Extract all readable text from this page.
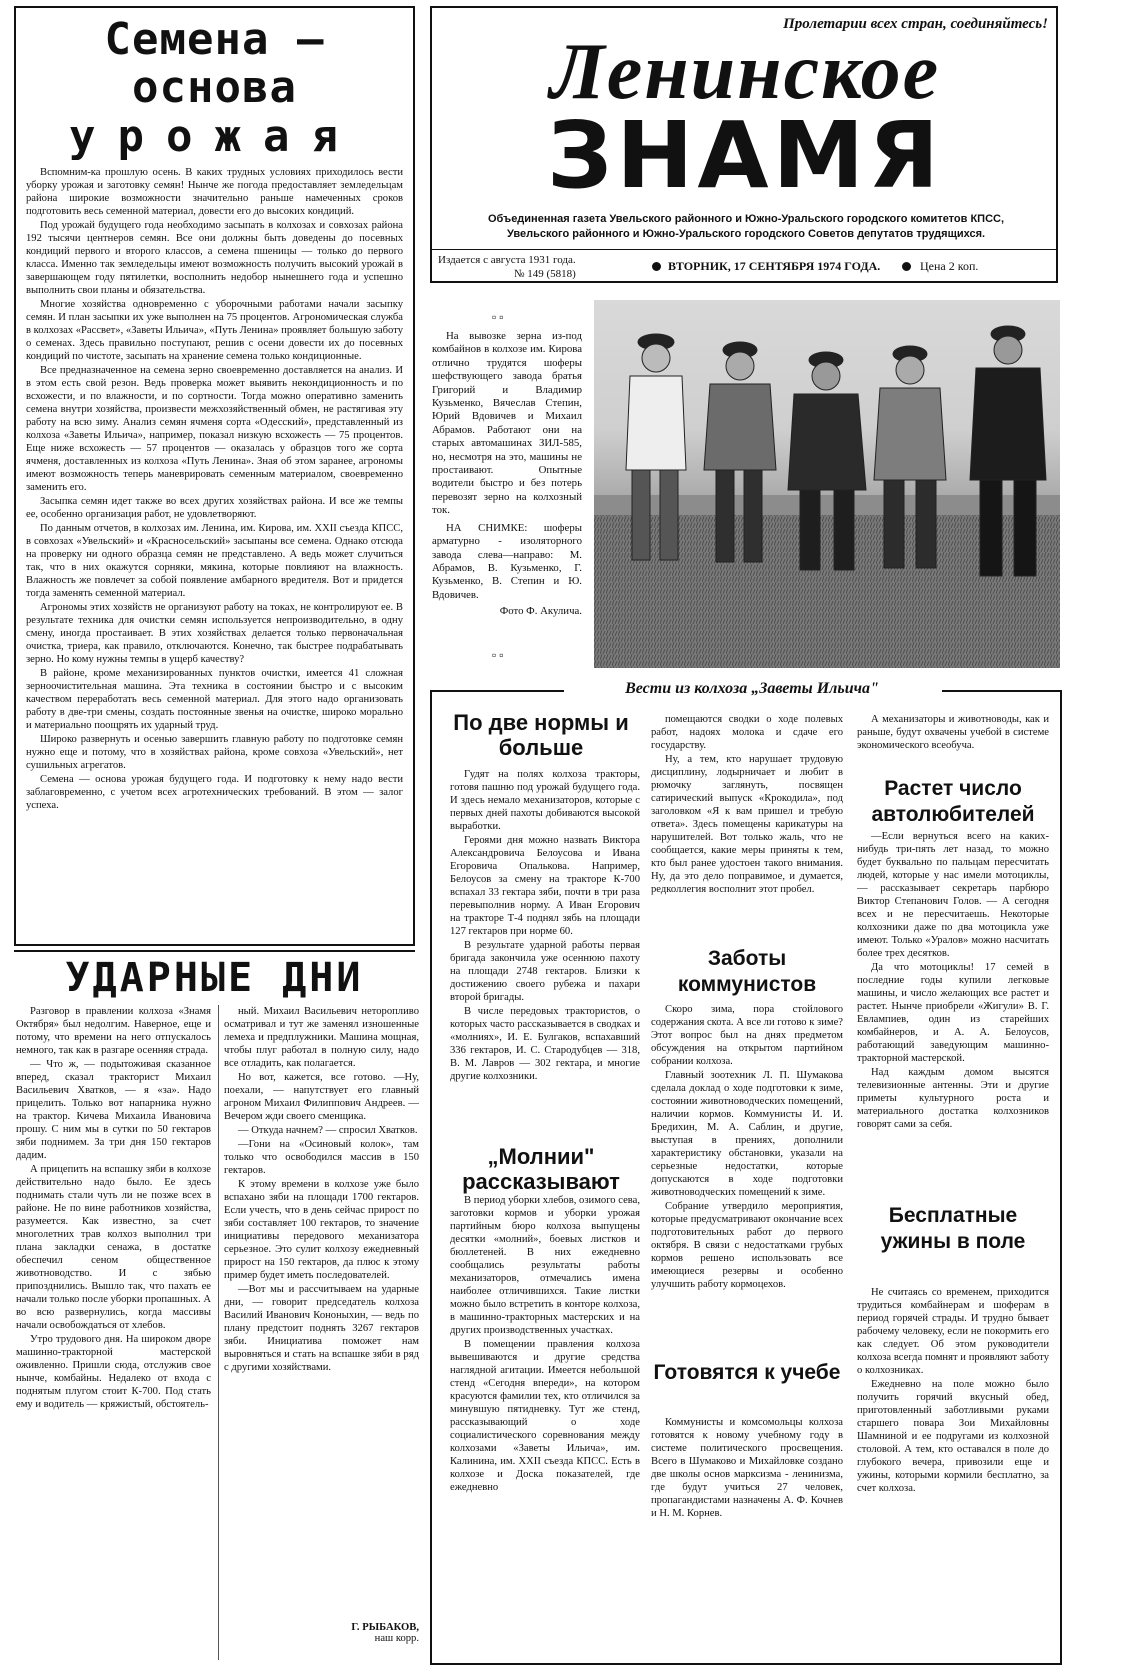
Семена — основа
урожая

Вспомним-ка прошлую осень. В каких трудных условиях приходилось вести уборку урожая и заготовку семян! Нынче же погода предоставляет земледельцам района широкие возможности значительно раньше намеченных сроков подготовить весь семенной материал, довести его до высоких кондиций.

Под урожай будущего года необходимо засыпать в колхозах и совхозах района 192 тысячи центнеров семян. Все они должны быть доведены до посевных кондиций первого и второго классов, а семена пшеницы — только до первого класса. Именно так земледельцы имеют возможность получить высокий урожай в завершающем году пятилетки, восполнить недобор нынешнего года и успешно выполнить свои планы и обязательства.

Многие хозяйства одновременно с уборочными работами начали засыпку семян. И план засыпки их уже выполнен на 75 процентов. Агрономическая служба в колхозах «Рассвет», «Заветы Ильича», «Путь Ленина» проявляет большую заботу о семенах. Здесь правильно поступают, решив с осени довести их до посевных кондиций по чистоте, засыпать на хранение семена только кондиционные.

Все предназначенное на семена зерно своевременно доставляется на анализ. И в этом есть свой резон. Ведь проверка может выявить некондиционность и по всхожести, и по влажности, и по сортности. Тогда можно оперативно заменить семена внутри хозяйства, произвести межхозяйственный обмен, не растягивая эту работу на всю зиму. Анализ семян ячменя сорта «Одесский», представленный из колхоза «Заветы Ильича», например, показал низкую всхожесть — 75 процентов. Еще ниже всхожесть — 57 процентов — оказалась у образцов того же сорта ячменя, доставленных из колхоза «Путь Ленина». Зная об этом заранее, агрономы имеют возможность теперь маневрировать семенным материалом, своевременно заменить его.

Засыпка семян идет также во всех других хозяйствах района. И все же темпы ее, особенно организация работ, не удовлетворяют.

По данным отчетов, в колхозах им. Ленина, им. Кирова, им. XXII съезда КПСС, в совхозах «Увельский» и «Красносельский» засыпаны все семена. Однако отсюда на проверку ни одного образца семян не представлено. А ведь может случиться так, что в них окажутся сорняки, мякина, которые повлияют на влажность. Влажность же повлечет за собой появление амбарного вредителя. Вот и придется тогда заменять семенной материал.

Агрономы этих хозяйств не организуют работу на токах, не контролируют ее. В результате техника для очистки семян используется непроизводительно, в одну смену, иногда простаивает. В этих хозяйствах делается только первоначальная очистка, триера, как правило, отключаются. Конечно, так быстрее подрабатывать зерно. Но кому нужны темпы в ущерб качеству?

В районе, кроме механизированных пунктов очистки, имеется 41 сложная зерноочистительная машина. Эта техника в состоянии быстро и с высоким качеством переработать весь семенной материал. Для этого надо организовать работу в две-три смены, создать постоянные звенья на очистке, широко морально и материально поощрять их ударный труд.

Широко развернуть и осенью завершить главную работу по подготовке семян нужно еще и потому, что в хозяйствах района, кроме совхоза «Увельский», нет сушильных агрегатов.

Семена — основа урожая будущего года. И подготовку к нему надо вести заблаговременно, с учетом всех агротехнических требований. В этом — залог успеха.

Пролетарии всех стран, соединяйтесь!
Ленинское
ЗНАМЯ
Объединенная газета Увельского районного и Южно-Уральского городского комитетов КПСС,
Увельского районного и Южно-Уральского городского Советов депутатов трудящихся.
Издается с августа 1931 года.
№ 149 (5818)
ВТОРНИК, 17 СЕНТЯБРЯ 1974 ГОДА.	Цена 2 коп.
▫▫

На вывозке зерна из-под комбайнов в колхозе им. Кирова отлично трудятся шоферы шефствующего завода братья Григорий и Владимир Кузьменко, Вячеслав Степин, Юрий Вдовичев и Михаил Абрамов. Работают они на старых автомашинах ЗИЛ-585, но, несмотря на это, машины не простаивают. Опытные водители быстро и без потерь перевозят зерно на колхозный ток.

НА СНИМКЕ: шоферы арматурно - изоляторного завода слева—направо: М. Абрамов, В. Кузьменко, Г. Кузьменко, В. Степин и Ю. Вдовичев.

Фото Ф. Акулича.

▫▫
УДАРНЫЕ ДНИ

Разговор в правлении колхоза «Знамя Октября» был недолгим. Наверное, еще и потому, что времени на него отпускалось немного, так как в разгаре осенняя страда.

— Что ж, — подытоживая сказанное вперед, сказал тракторист Михаил Васильевич Хватков, — я «за». Надо прицелить. Только вот напарника нужно на трактор. Кичева Михаила Ивановича прошу. С ним мы в сутки по 50 гектаров зяби поднимем. За три дня 150 гектаров дадим.

А прицепить на вспашку зяби в колхозе действительно надо было. Ее здесь поднимать стали чуть ли не позже всех в районе. Не по вине работников хозяйства, разумеется. Как известно, за счет многолетних трав колхоз выполнил три плана закладки сенажа, в достатке обеспечил сеном общественное животноводство. И с зябью припозднились. Вышло так, что пахать ее начали только после уборки пропашных. А во всю развернулись, когда массивы начали освобождаться от хлебов.

Утро трудового дня. На широком дворе машинно-тракторной мастерской оживленно. Пришли сюда, отслужив свое нынче, комбайны. Недалеко от входа с поднятым плугом стоит К-700. Под стать ему и водитель — кряжистый, обстоятель-

ный. Михаил Васильевич неторопливо осматривал и тут же заменял изношенные лемеха и предплужники. Машина мощная, чтобы плуг работал в полную силу, надо все отладить, как полагается.

Но вот, кажется, все готово. —Ну, поехали, — напутствует его главный агроном Михаил Филиппович Андреев. — Вечером жди своего сменщика.

— Откуда начнем? — спросил Хватков.

—Гони на «Осиновый колок», там только что освободился массив в 150 гектаров.

К этому времени в колхозе уже было вспахано зяби на площади 1700 гектаров. Если учесть, что в день сейчас прирост по зяби составляет 100 гектаров, то значение инициативы передового механизатора серьезное. Это сулит колхозу ежедневный прирост на 150 гектаров, да плюс к этому пример будет иметь последователей.

—Вот мы и рассчитываем на ударные дни, — говорит председатель колхоза Василий Иванович Кононыхин, — ведь по плану предстоит поднять 3267 гектаров зяби. Инициатива поможет нам выровняться и стать на вспашке зяби в ряд с другими хозяйствами.

Г. РЫБАКОВ,
наш корр.
Вести из колхоза „Заветы Ильича"
По две нормы и больше

Гудят на полях колхоза тракторы, готовя пашню под урожай будущего года. И здесь немало механизаторов, которые с первых дней пахоты добиваются высокой выработки.

Героями дня можно назвать Виктора Александровича Белоусова и Ивана Егоровича Опалькова. Например, Белоусов за смену на тракторе К-700 вспахал 33 гектара зяби, почти в три раза перевыполнив норму. А Иван Егорович на тракторе Т-4 поднял зябь на площади 127 гектаров при норме 60.

В результате ударной работы первая бригада закончила уже осеннюю пахоту на площади 2748 гектаров. Близки к достижению своего рубежа и пахари второй бригады.

В числе передовых трактористов, о которых часто рассказывается в сводках и «молниях», И. Е. Булгаков, вспахавший 336 гектаров, И. С. Стародубцев — 318, В. М. Лавров — 302 гектара, и многие другие колхозники.

„Молнии" рассказывают

В период уборки хлебов, озимого сева, заготовки кормов и уборки урожая партийным бюро колхоза выпущены десятки «молний», боевых листков и бюллетеней. В них ежедневно сообщались результаты работы механизаторов, отмечались имена наиболее отличившихся. Такие листки можно было встретить в конторе колхоза, в машинно-тракторных мастерских и на других производственных участках.

В помещении правления колхоза вывешиваются и другие средства наглядной агитации. Имеется небольшой стенд «Сегодня впереди», на котором красуются фамилии тех, кто отличился за минувшую пятидневку. Тут же стенд, рассказывающий о ходе социалистического соревнования между колхозами «Заветы Ильича», им. Калинина, им. XXII съезда КПСС. Есть в колхозе и Доска показателей, где ежедневно

помещаются сводки о ходе полевых работ, надоях молока и сдаче его государству.

Ну, а тем, кто нарушает трудовую дисциплину, лодырничает и любит в рюмочку заглянуть, посвящен сатирический выпуск «Крокодила», под заголовком «Я к вам пришел и требую ответа». Здесь помещены карикатуры на нарушителей. Вот только жаль, что не сообщается, какие меры приняты к тем, кто был ранее удостоен такого внимания. Ну, да это дело поправимое, и думается, редколлегия восполнит этот пробел.

Заботы коммунистов

Скоро зима, пора стойлового содержания скота. А все ли готово к зиме? Этот вопрос был на днях предметом обсуждения на открытом партийном собрании колхоза.

Главный зоотехник Л. П. Шумакова сделала доклад о ходе подготовки к зиме, состоянии животноводческих помещений, наличии кормов. Коммунисты И. И. Бредихин, М. А. Саблин, и другие, выступая в прениях, дополнили характеристику обстановки, указали на серьезные недостатки, которые допускаются в ходе подготовки животноводческих помещений к зиме.

Собрание утвердило мероприятия, которые предусматривают окончание всех подготовительных работ до первого октября. В связи с недостатками грубых кормов решено использовать все имеющиеся резервы и особенно улучшить работу кормоцехов.

Готовятся к учебе

Коммунисты и комсомольцы колхоза готовятся к новому учебному году в системе политического просвещения. Всего в Шумаково и Михайловке создано две школы основ марксизма - ленинизма, где будут учиться 27 человек, пропагандистами назначены А. Ф. Кочнев и Н. М. Корнев.

А механизаторы и животноводы, как и раньше, будут охвачены учебой в системе экономического всеобуча.

Растет число автолюбителей

—Если вернуться всего на каких-нибудь три-пять лет назад, то можно будет буквально по пальцам пересчитать людей, которые у нас имели мотоциклы, — рассказывает секретарь парбюро Виктор Степанович Голов. — А сегодня всех и не пересчитаешь. Некоторые колхозники даже по два мотоцикла уже имеют. Только «Уралов» можно насчитать более трех десятков.

Да что мотоциклы! 17 семей в последние годы купили легковые машины, и число желающих все растет и растет. Нынче приобрели «Жигули» В. Г. Евлампиев, один из старейших комбайнеров, и А. А. Белоусов, работающий заведующим машинно-тракторной мастерской.

Над каждым домом высятся телевизионные антенны. Эти и другие приметы культурного роста и материального достатка колхозников говорят сами за себя.

Бесплатные ужины в поле

Не считаясь со временем, приходится трудиться комбайнерам и шоферам в период горячей страды. И трудно бывает рабочему человеку, если не покормить его как следует. Об этом руководители колхоза всегда помнят и проявляют заботу о колхозниках.

Ежедневно на поле можно было получить горячий вкусный обед, приготовленный заботливыми руками старшего повара Зои Михайловны Шамниной и ее подругами из колхозной столовой. А тем, кто оставался в поле до глубокого вечера, привозили еще и ужины, которыми кормили бесплатно, за счет колхоза.
